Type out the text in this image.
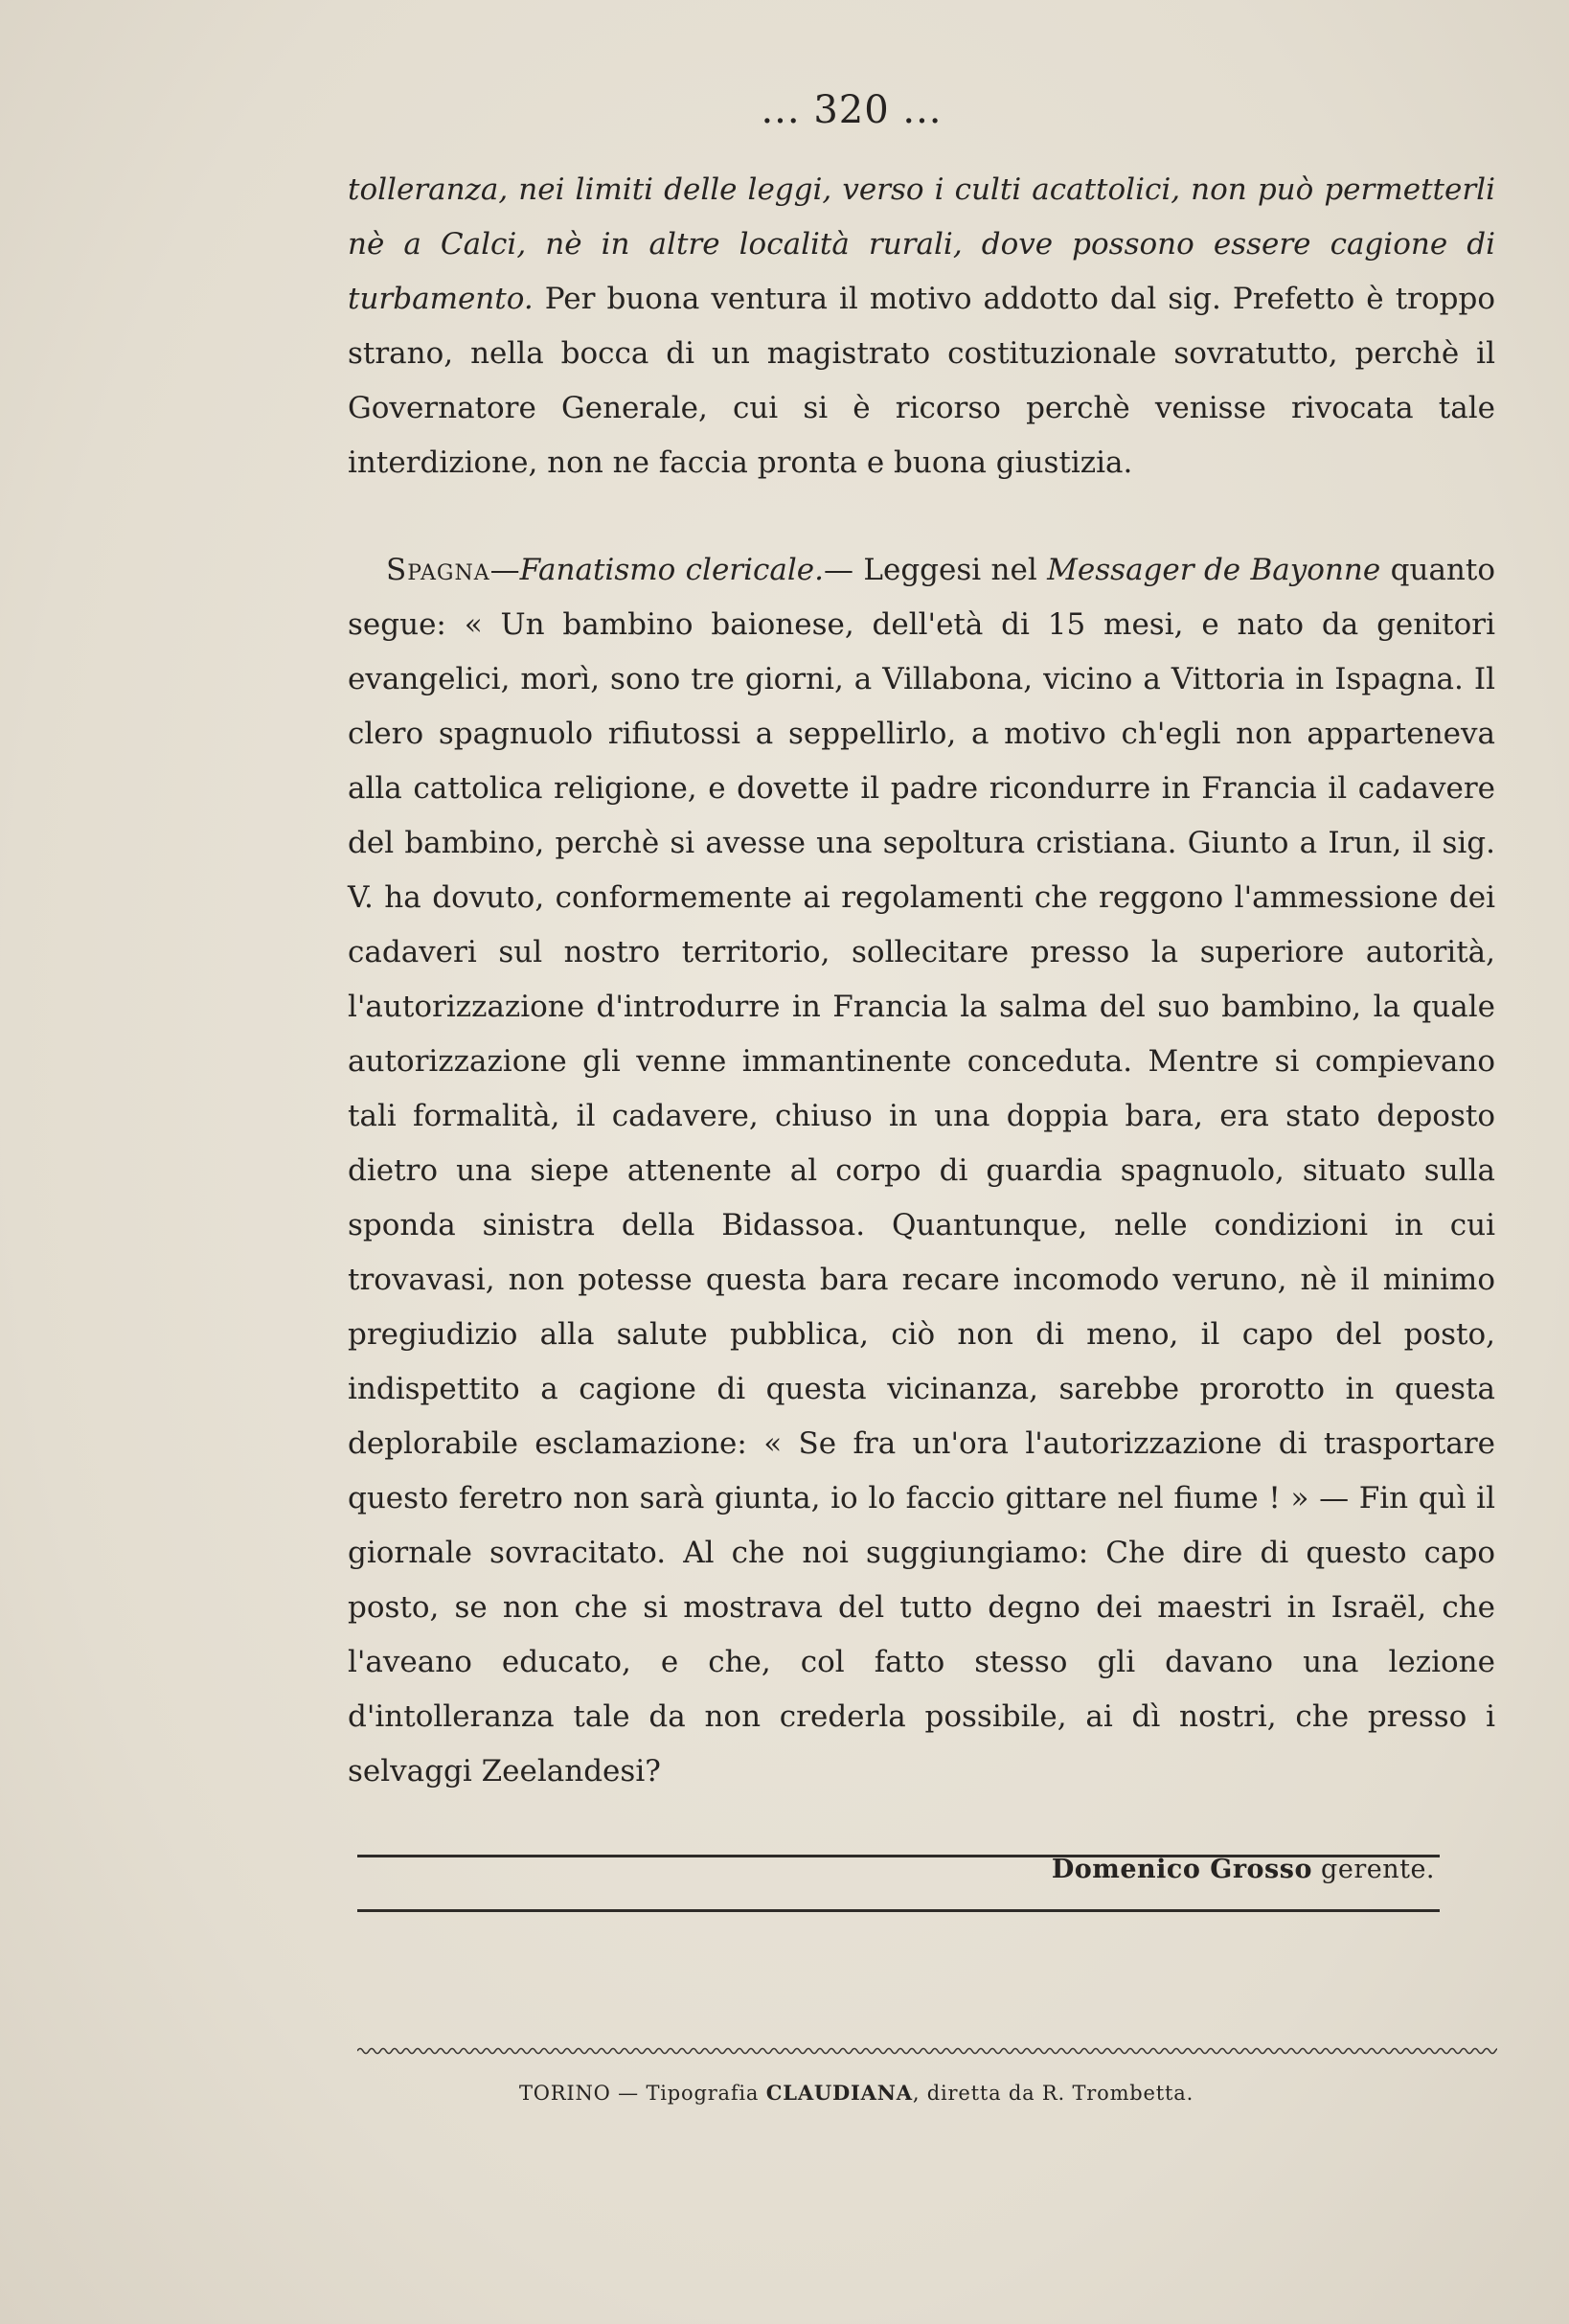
... 320 ...

tolleranza, nei limiti delle leggi, verso i culti acattolici, non può permetterli nè a Calci, nè in altre località rurali, dove possono essere cagione di turbamento. Per buona ventura il motivo addotto dal sig. Prefetto è troppo strano, nella bocca di un magistrato costituzionale sovratutto, perchè il Governatore Generale, cui si è ricorso perchè venisse rivocata tale interdizione, non ne faccia pronta e buona giustizia.

Spagna—Fanatismo clericale.— Leggesi nel Messager de Bayonne quanto segue: « Un bambino baionese, dell'età di 15 mesi, e nato da genitori evangelici, morì, sono tre giorni, a Villabona, vicino a Vittoria in Ispagna. Il clero spagnuolo rifiutossi a seppellirlo, a motivo ch'egli non apparteneva alla cattolica religione, e dovette il padre ricondurre in Francia il cadavere del bambino, perchè si avesse una sepoltura cristiana. Giunto a Irun, il sig. V. ha dovuto, conformemente ai regolamenti che reggono l'ammessione dei cadaveri sul nostro territorio, sollecitare presso la superiore autorità, l'autorizzazione d'introdurre in Francia la salma del suo bambino, la quale autorizzazione gli venne immantinente conceduta. Mentre si compievano tali formalità, il cadavere, chiuso in una doppia bara, era stato deposto dietro una siepe attenente al corpo di guardia spagnuolo, situato sulla sponda sinistra della Bidassoa. Quantunque, nelle condizioni in cui trovavasi, non potesse questa bara recare incomodo veruno, nè il minimo pregiudizio alla salute pubblica, ciò non di meno, il capo del posto, indispettito a cagione di questa vicinanza, sarebbe prorotto in questa deplorabile esclamazione: « Se fra un'ora l'autorizzazione di trasportare questo feretro non sarà giunta, io lo faccio gittare nel fiume ! » — Fin quì il giornale sovracitato. Al che noi suggiungiamo: Che dire di questo capo posto, se non che si mostrava del tutto degno dei maestri in Israël, che l'aveano educato, e che, col fatto stesso gli davano una lezione d'intolleranza tale da non crederla possibile, ai dì nostri, che presso i selvaggi Zeelandesi?

Domenico Grosso gerente.
TORINO — Tipografia CLAUDIANA, diretta da R. Trombetta.
